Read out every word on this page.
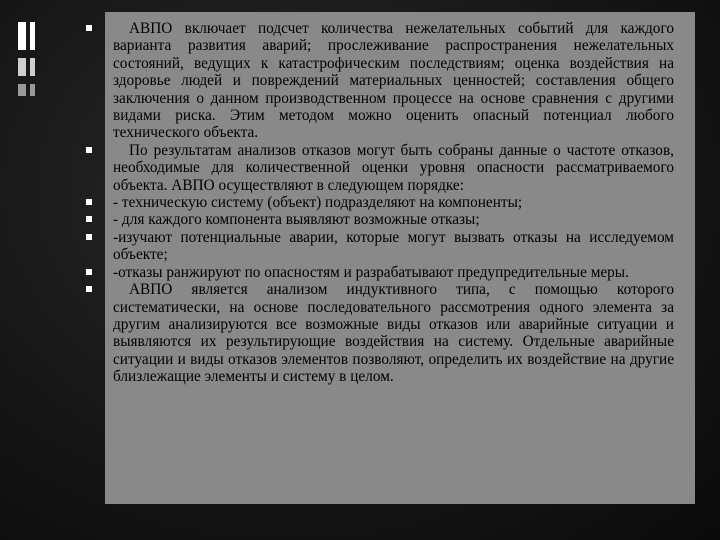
АВПО включает подсчет количества нежелательных событий для каждого варианта развития аварий; прослеживание распространения нежелательных состояний, ведущих к катастрофическим последствиям; оценка воздействия на здоровье людей и повреждений материальных ценностей; составления общего заключения о данном производственном процессе на основе сравнения с другими видами риска. Этим методом можно оценить опасный потенциал любого технического объекта.
По результатам анализов отказов могут быть собраны данные о частоте отказов, необходимые для количественной оценки уровня опасности рассматриваемого объекта. АВПО осуществляют в следующем порядке:
- техническую систему (объект) подразделяют на компоненты;
- для каждого компонента выявляют возможные отказы;
-изучают потенциальные аварии, которые могут вызвать отказы на исследуемом объекте;
-отказы ранжируют по опасностям и разрабатывают предупредительные меры.
АВПО является анализом индуктивного типа, с помощью которого систематически, на основе последовательного рассмотрения одного элемента за другим анализируются все возможные виды отказов или аварийные ситуации и выявляются их результирующие воздействия на систему. Отдельные аварийные ситуации и виды отказов элементов позволяют, определить их воздействие на другие близлежащие элементы и систему в целом.
